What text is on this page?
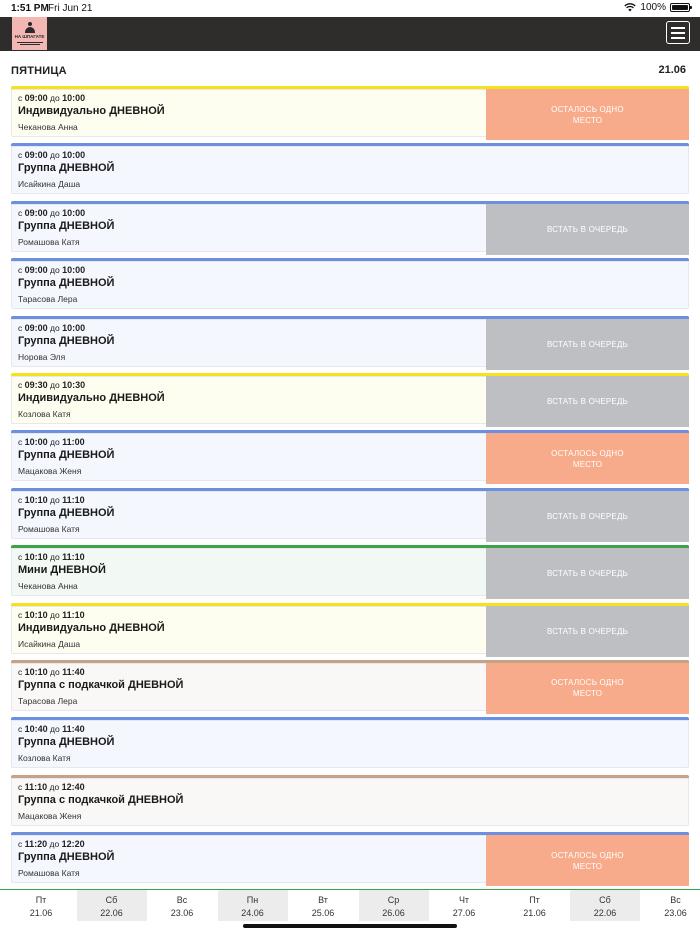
1:51 PM Fri Jun 21	100%
НА ШПАГАТЕ
ПЯТНИЦА	21.06
с 09:00 до 10:00
Индивидуально ДНЕВНОЙ
Чеканова Анна
ОСТАЛОСЬ ОДНО МЕСТО
с 09:00 до 10:00
Группа ДНЕВНОЙ
Исайкина Даша
с 09:00 до 10:00
Группа ДНЕВНОЙ
Ромашова Катя
ВСТАТЬ В ОЧЕРЕДЬ
с 09:00 до 10:00
Группа ДНЕВНОЙ
Тарасова Лера
с 09:00 до 10:00
Группа ДНЕВНОЙ
Норова Эля
ВСТАТЬ В ОЧЕРЕДЬ
с 09:30 до 10:30
Индивидуально ДНЕВНОЙ
Козлова Катя
ВСТАТЬ В ОЧЕРЕДЬ
с 10:00 до 11:00
Группа ДНЕВНОЙ
Мацакова Женя
ОСТАЛОСЬ ОДНО МЕСТО
с 10:10 до 11:10
Группа ДНЕВНОЙ
Ромашова Катя
ВСТАТЬ В ОЧЕРЕДЬ
с 10:10 до 11:10
Мини ДНЕВНОЙ
Чеканова Анна
ВСТАТЬ В ОЧЕРЕДЬ
с 10:10 до 11:10
Индивидуально ДНЕВНОЙ
Исайкина Даша
ВСТАТЬ В ОЧЕРЕДЬ
с 10:10 до 11:40
Группа с подкачкой ДНЕВНОЙ
Тарасова Лера
ОСТАЛОСЬ ОДНО МЕСТО
с 10:40 до 11:40
Группа ДНЕВНОЙ
Козлова Катя
с 11:10 до 12:40
Группа с подкачкой ДНЕВНОЙ
Мацакова Женя
с 11:20 до 12:20
Группа ДНЕВНОЙ
Ромашова Катя
ОСТАЛОСЬ ОДНО МЕСТО
Пт
21.06
Сб
22.06
Вс
23.06
Пн
24.06
Вт
25.06
Ср
26.06
Чт
27.06
Пт
21.06
Сб
22.06
Вс
23.06
